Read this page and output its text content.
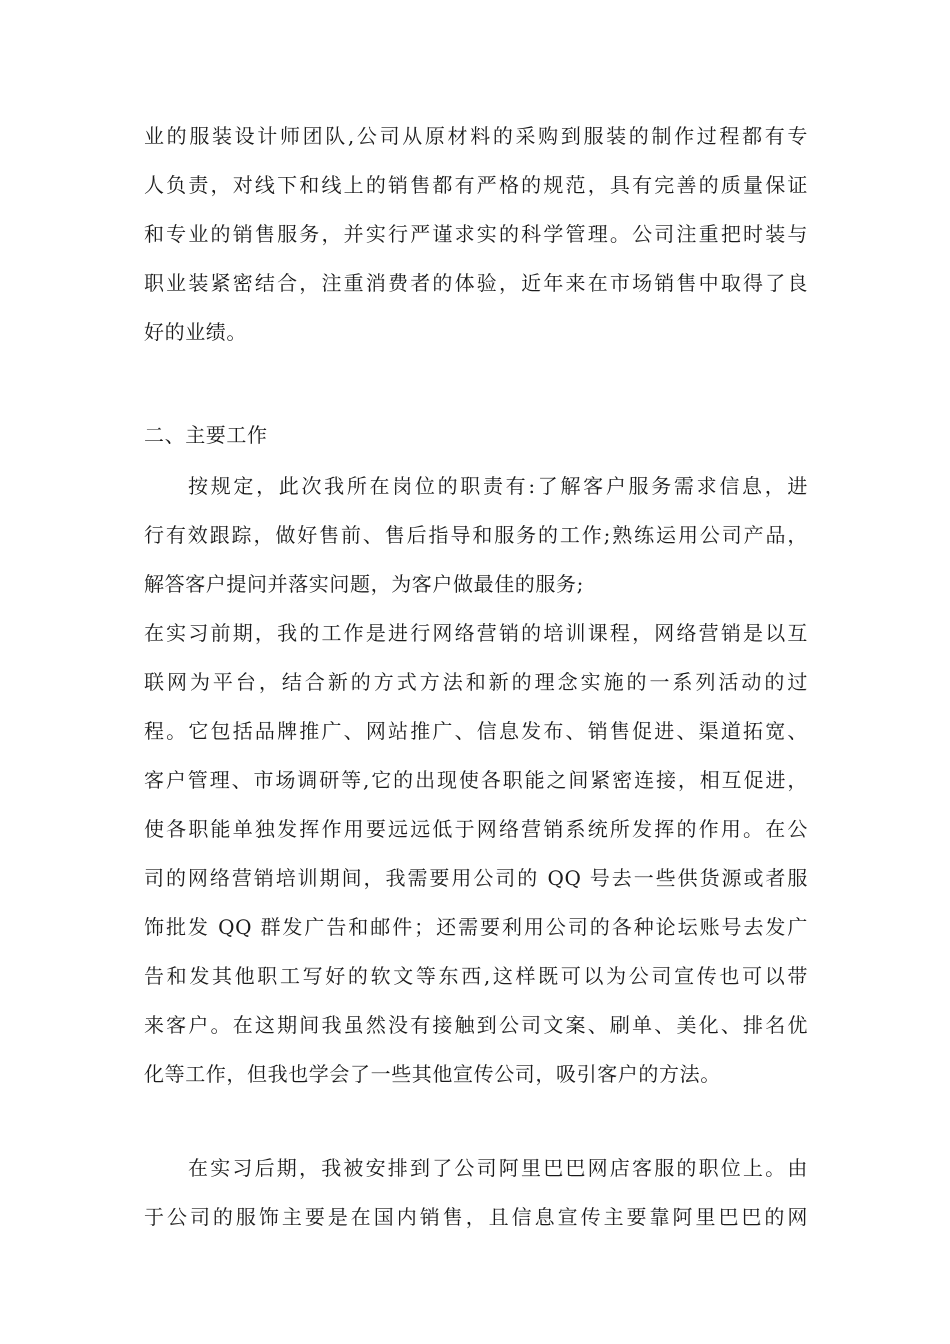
业的服装设计师团队,公司从原材料的采购到服装的制作过程都有专
人负责，对线下和线上的销售都有严格的规范，具有完善的质量保证
和专业的销售服务，并实行严谨求实的科学管理。公司注重把时装与
职业装紧密结合，注重消费者的体验，近年来在市场销售中取得了良
好的业绩。
二、主要工作
按规定，此次我所在岗位的职责有:了解客户服务需求信息，进
行有效跟踪，做好售前、售后指导和服务的工作;熟练运用公司产品，
解答客户提问并落实问题，为客户做最佳的服务;
在实习前期，我的工作是进行网络营销的培训课程，网络营销是以互
联网为平台，结合新的方式方法和新的理念实施的一系列活动的过
程。它包括品牌推广、网站推广、信息发布、销售促进、渠道拓宽、
客户管理、市场调研等,它的出现使各职能之间紧密连接，相互促进，
使各职能单独发挥作用要远远低于网络营销系统所发挥的作用。在公
司的网络营销培训期间，我需要用公司的 QQ 号去一些供货源或者服
饰批发 QQ 群发广告和邮件；还需要利用公司的各种论坛账号去发广
告和发其他职工写好的软文等东西,这样既可以为公司宣传也可以带
来客户。在这期间我虽然没有接触到公司文案、刷单、美化、排名优
化等工作，但我也学会了一些其他宣传公司，吸引客户的方法。
在实习后期，我被安排到了公司阿里巴巴网店客服的职位上。由
于公司的服饰主要是在国内销售，且信息宣传主要靠阿里巴巴的网
